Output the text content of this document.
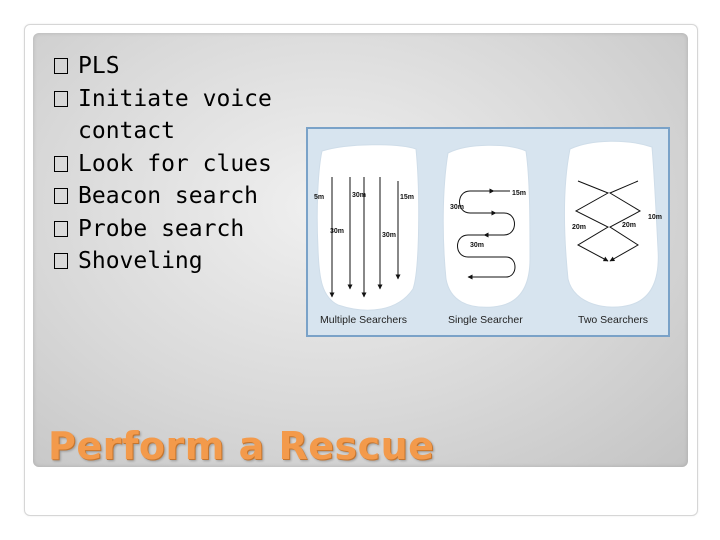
PLS
Initiate voice contact
Look for clues
Beacon search
Probe search
Shoveling
5m	30m	15m
30m
30m
15m
30m
30m
10m
20m	20m
Multiple Searchers	Single Searcher	Two Searchers
Perform a Rescue
